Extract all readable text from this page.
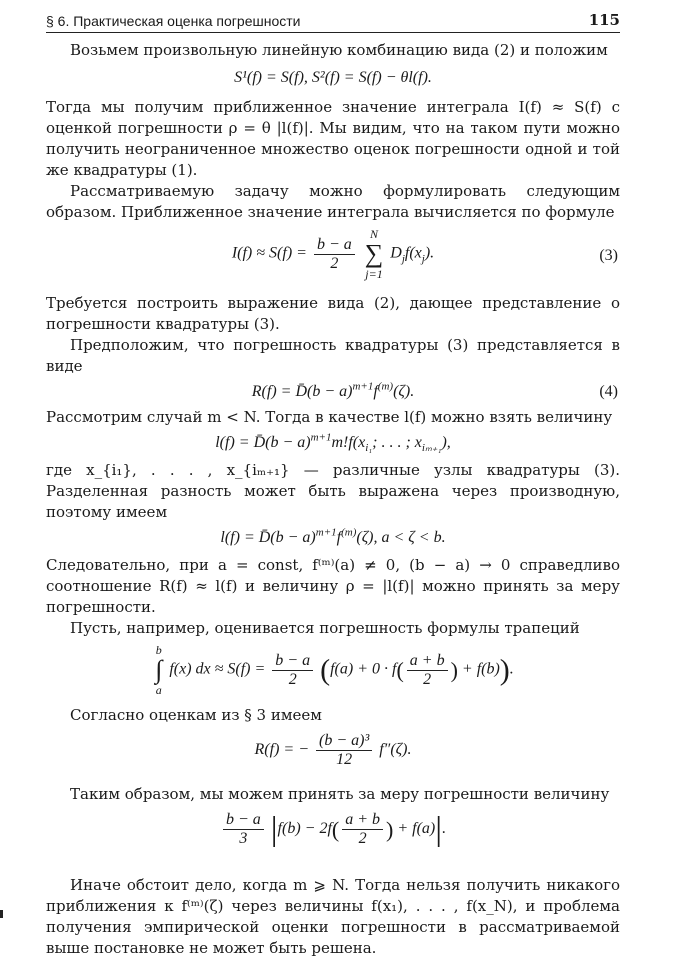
§ 6. Практическая оценка погрешности	115

Возьмем произвольную линейную комбинацию вида (2) и положим

S¹(f) = S(f), S²(f) = S(f) − θl(f).

Тогда мы получим приближенное значение интеграла I(f) ≈ S(f) с оценкой погрешности ρ = θ |l(f)|. Мы видим, что на таком пути можно получить неограниченное множество оценок погрешности одной и той же квадратуры (1).

Рассматриваемую задачу можно формулировать следующим образом. Приближенное значение интеграла вычисляется по формуле

$I(f) \approx S(f) = \frac{b - a}{2}$

N
∑
j=1
$D_jf(x_j)$.	(3)

Требуется построить выражение вида (2), дающее представление о погрешности квадратуры (3).

Предположим, что погрешность квадратуры (3) представляется в виде

R(f) = D̄(b − $a)^{m+1}f^{(m)}(\zeta)$.	(4)

Рассмотрим случай m < N. Тогда в качестве l(f) можно взять величину

l(f) = D̄(b − $a)^{m+1}m!f(x_{i_1}$; . . . ; $x_{i_{m+1}}$),

где x_{i₁}, . . . , x_{iₘ₊₁} — различные узлы квадратуры (3). Разделенная разность может быть выражена через производную, поэтому имеем

l(f) = D̄(b − $a)^{m+1}f^{(m)}(\zeta)$, a < ζ < b.

Следовательно, при a = const, f⁽ᵐ⁾(a) ≠ 0, (b − a) → 0 справедливо соотношение R(f) ≈ l(f) и величину ρ = |l(f)| можно принять за меру погрешности.

Пусть, например, оценивается погрешность формулы трапеций

b
∫
a
f(x) dx ≈ $S(f) = \frac{b - a}{2} (f(a) + 0 \cdot f( \frac{a + b}{2}$ ) + f(b)).

Согласно оценкам из § 3 имеем

R(f) = − $\frac{\text{(b − a)³}}{12} f''(\zeta)$.

Таким образом, мы можем принять за меру погрешности величину

$\frac{b - a}{3} |f(b) - 2f( \frac{a + b}{2}$ ) + f(a)|.

Иначе обстоит дело, когда m ⩾ N. Тогда нельзя получить никакого приближения к f⁽ᵐ⁾(ζ) через величины f(x₁), . . . , f(x_N), и проблема получения эмпирической оценки погрешности в рассматриваемой выше постановке не может быть решена.
